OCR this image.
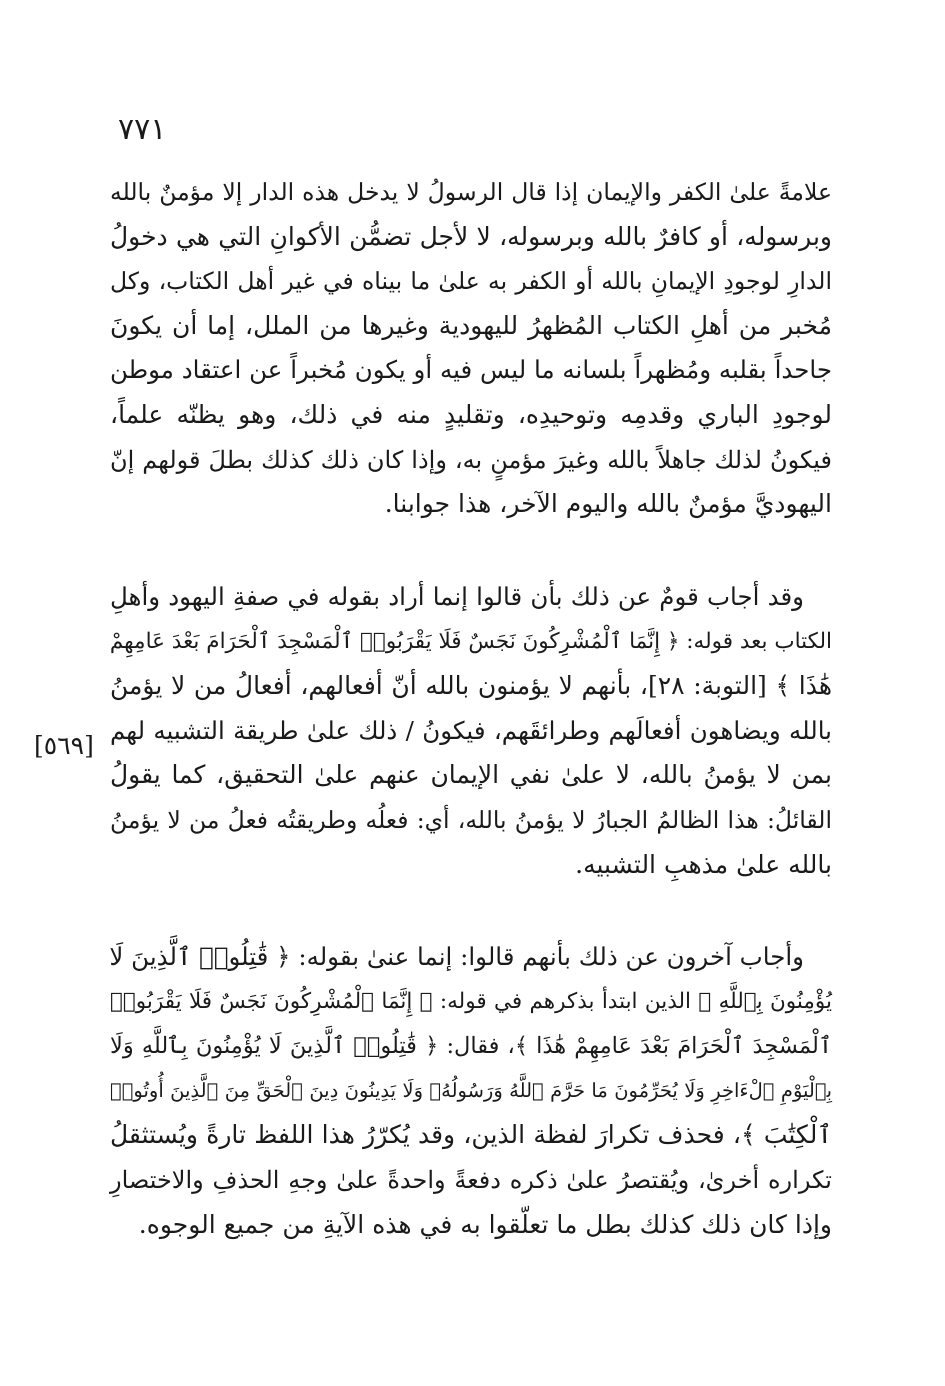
٧٧١
[٥٦٩]
علامةً علىٰ الكفر والإيمان إذا قال الرسولُ لا يدخل هذه الدار إلا مؤمنٌ بالله
وبرسوله، أو كافرٌ بالله وبرسوله، لا لأجل تضمُّن الأكوانِ التي هي دخولُ
الدارِ لوجودِ الإيمانِ بالله أو الكفر به علىٰ ما بيناه في غير أهل الكتاب، وكل
مُخبر من أهلِ الكتاب المُظهرُ لليهودية وغيرها من الملل، إما أن يكونَ
جاحداً بقلبه ومُظهراً بلسانه ما ليس فيه أو يكون مُخبراً عن اعتقاد موطن
لوجودِ الباري وقدمِه وتوحيدِه، وتقليدٍ منه في ذلك، وهو يظنّه علماً،
فيكونُ لذلك جاهلاً بالله وغيرَ مؤمنٍ به، وإذا كان ذلك كذلك بطلَ قولهم إنّ
اليهوديَّ مؤمنٌ بالله واليوم الآخر، هذا جوابنا.
وقد أجاب قومٌ عن ذلك بأن قالوا إنما أراد بقوله في صفةِ اليهود وأهلِ
الكتاب بعد قوله: ﴿ إِنَّمَا ٱلْمُشْرِكُونَ نَجَسٌ فَلَا يَقْرَبُوا۟ ٱلْمَسْجِدَ ٱلْحَرَامَ بَعْدَ عَامِهِمْ
هَٰذَا ﴾ [التوبة: ٢٨]، بأنهم لا يؤمنون بالله أنّ أفعالهم، أفعالُ من لا يؤمنُ
بالله ويضاهون أفعالَهم وطرائقَهم، فيكونُ / ذلك علىٰ طريقة التشبيه لهم
بمن لا يؤمنُ بالله، لا علىٰ نفي الإيمان عنهم علىٰ التحقيق، كما يقولُ
القائلُ: هذا الظالمُ الجبارُ لا يؤمنُ بالله، أي: فعلُه وطريقتُه فعلُ من لا يؤمنُ
بالله علىٰ مذهبِ التشبيه.
وأجاب آخرون عن ذلك بأنهم قالوا: إنما عنىٰ بقوله: ﴿ قَٰتِلُوا۟ ٱلَّذِينَ لَا
يُؤْمِنُونَ بِٱللَّهِ ﴾ الذين ابتدأ بذكرهم في قوله: ﴿ إِنَّمَا ٱلْمُشْرِكُونَ نَجَسٌ فَلَا يَقْرَبُوا۟
ٱلْمَسْجِدَ ٱلْحَرَامَ بَعْدَ عَامِهِمْ هَٰذَا ﴾، فقال: ﴿ قَٰتِلُوا۟ ٱلَّذِينَ لَا يُؤْمِنُونَ بِٱللَّهِ وَلَا
بِٱلْيَوْمِ ٱلْءَاخِرِ وَلَا يُحَرِّمُونَ مَا حَرَّمَ ٱللَّهُ وَرَسُولُهُۥ وَلَا يَدِينُونَ دِينَ ٱلْحَقِّ مِنَ ٱلَّذِينَ أُوتُوا۟
ٱلْكِتَٰبَ ﴾، فحذف تكرارَ لفظة الذين، وقد يُكرّرُ هذا اللفظ تارةً ويُستثقلُ
تكراره أخرىٰ، ويُقتصرُ علىٰ ذكره دفعةً واحدةً علىٰ وجهِ الحذفِ والاختصارِ
وإذا كان ذلك كذلك بطل ما تعلّقوا به في هذه الآيةِ من جميع الوجوه.
